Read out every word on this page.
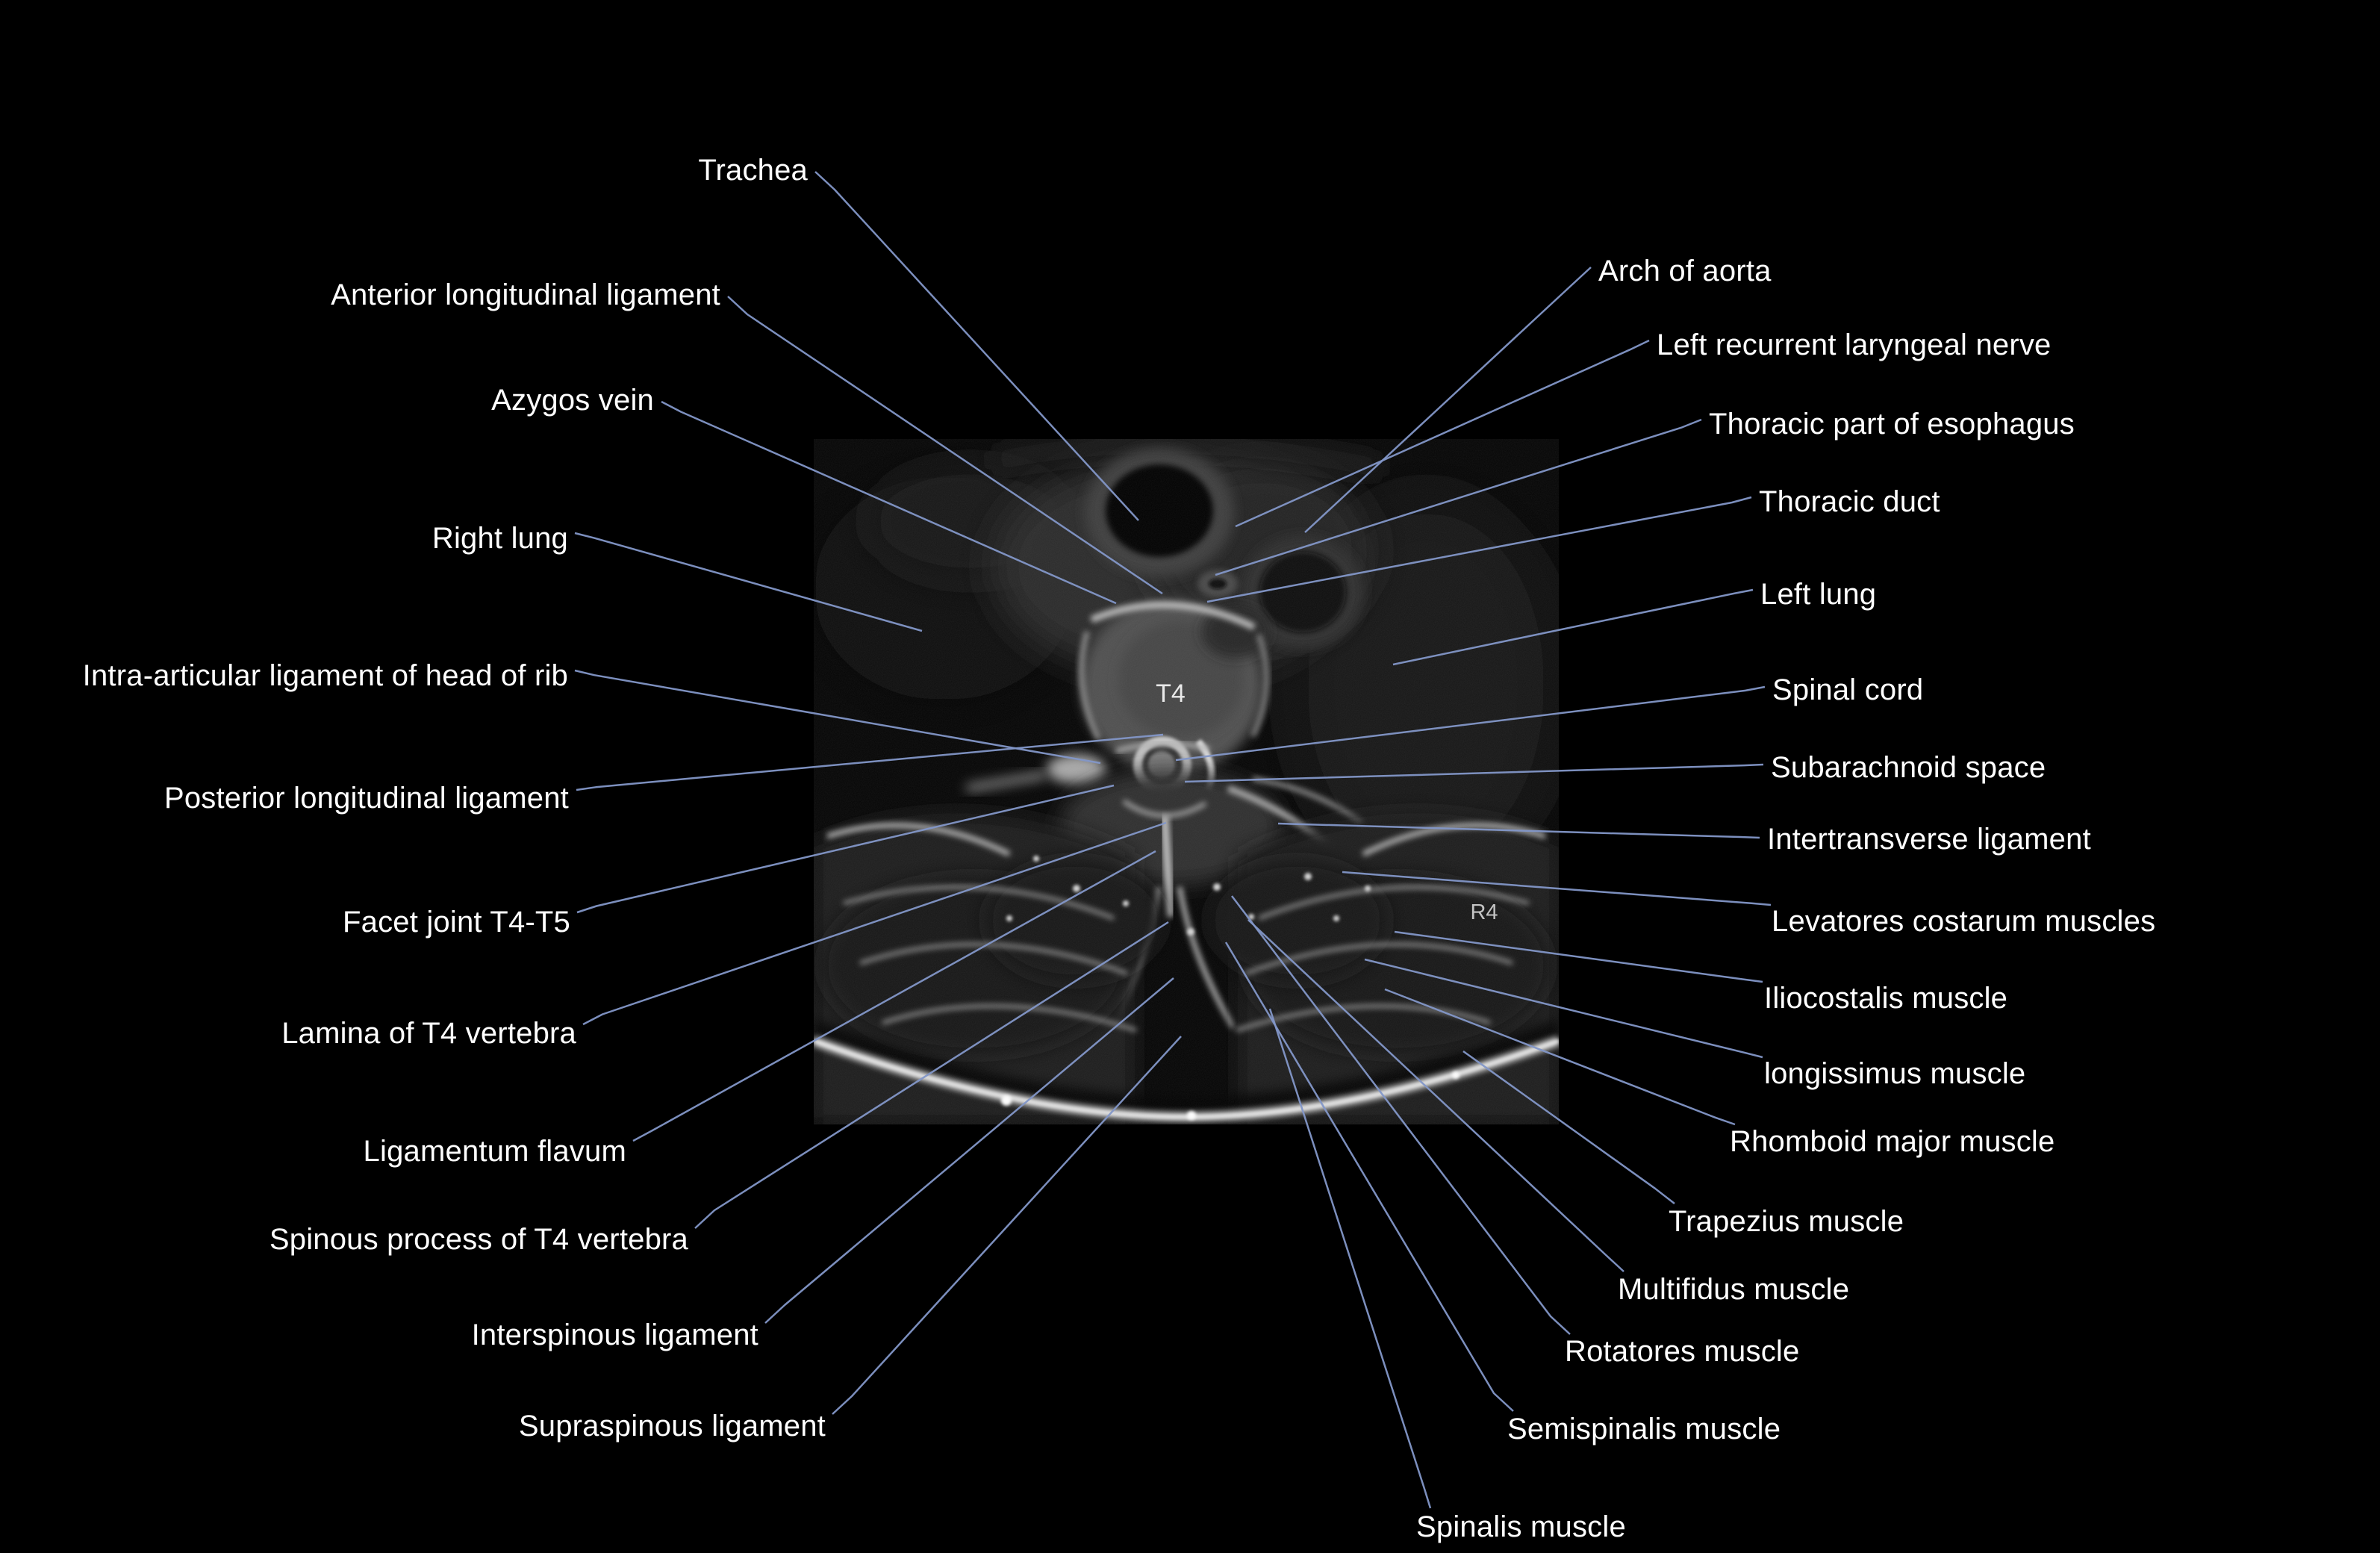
T4
R4
Trachea
Anterior longitudinal ligament
Azygos vein
Right lung
Intra-articular ligament of head of rib
Posterior longitudinal ligament
Facet joint T4-T5
Lamina of T4 vertebra
Ligamentum flavum
Spinous process of T4 vertebra
Interspinous ligament
Supraspinous ligament
Arch of aorta
Left recurrent laryngeal nerve
Thoracic part of esophagus
Thoracic duct
Left lung
Spinal cord
Subarachnoid space
Intertransverse ligament
Levatores costarum muscles
Iliocostalis muscle
longissimus muscle
Rhomboid major muscle
Trapezius muscle
Multifidus muscle
Rotatores muscle
Semispinalis muscle
Spinalis muscle
